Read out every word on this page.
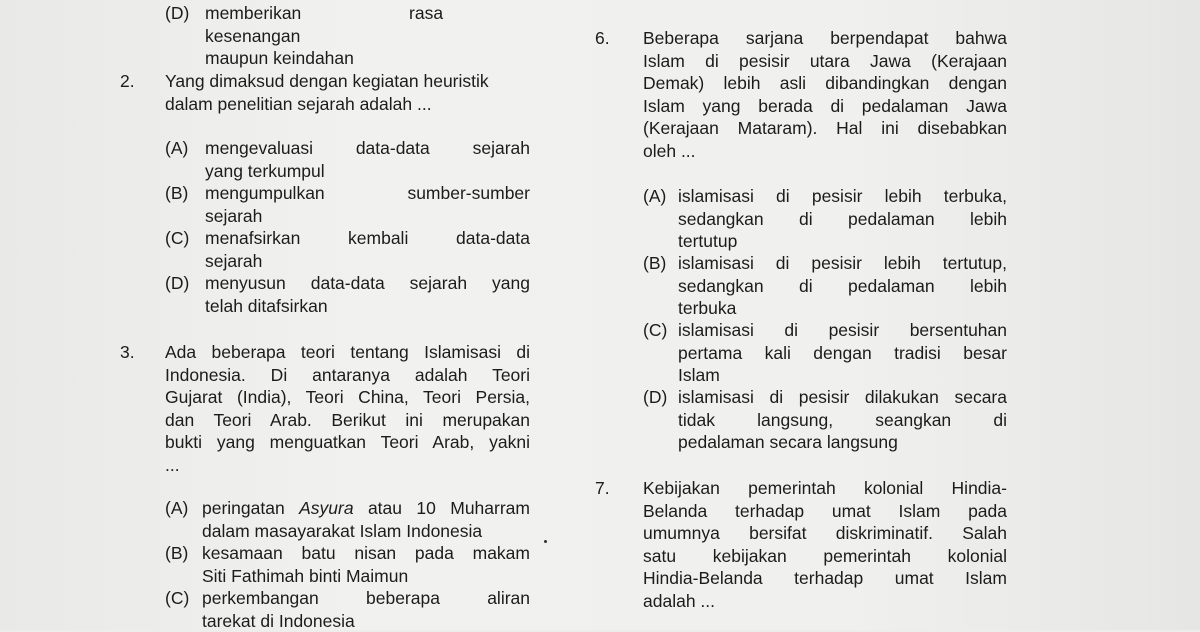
(D) memberikan	rasa  kesenangan
maupun keindahan
2. Yang dimaksud dengan kegiatan heuristik
dalam penelitian sejarah adalah ...
(A) mengevaluasi data-data sejarah
yang terkumpul
(B) mengumpulkan sumber-sumber
sejarah
(C) menafsirkan kembali data-data
sejarah
(D) menyusun data-data sejarah yang
telah ditafsirkan
3. Ada beberapa teori tentang Islamisasi di
Indonesia. Di antaranya adalah Teori
Gujarat (India), Teori China, Teori Persia,
dan Teori Arab. Berikut ini merupakan
bukti yang menguatkan Teori Arab, yakni
...
(A) peringatan Asyura atau 10 Muharram
dalam masayarakat Islam Indonesia
(B) kesamaan batu nisan pada makam
Siti Fathimah binti Maimun
(C) perkembangan beberapa aliran
tarekat di Indonesia
6. Beberapa sarjana berpendapat bahwa
Islam di pesisir utara Jawa (Kerajaan
Demak) lebih asli dibandingkan dengan
Islam yang berada di pedalaman Jawa
(Kerajaan Mataram). Hal ini disebabkan
oleh ...
(A) islamisasi di pesisir lebih terbuka,
sedangkan di pedalaman lebih
tertutup
(B) islamisasi di pesisir lebih tertutup,
sedangkan di pedalaman lebih
terbuka
(C) islamisasi di pesisir bersentuhan
pertama kali dengan tradisi besar
Islam
(D) islamisasi di pesisir dilakukan secara
tidak langsung, seangkan di
pedalaman secara langsung
7. Kebijakan pemerintah kolonial Hindia-
Belanda terhadap umat Islam pada
umumnya bersifat diskriminatif. Salah
satu kebijakan pemerintah kolonial
Hindia-Belanda terhadap umat Islam
adalah ...
